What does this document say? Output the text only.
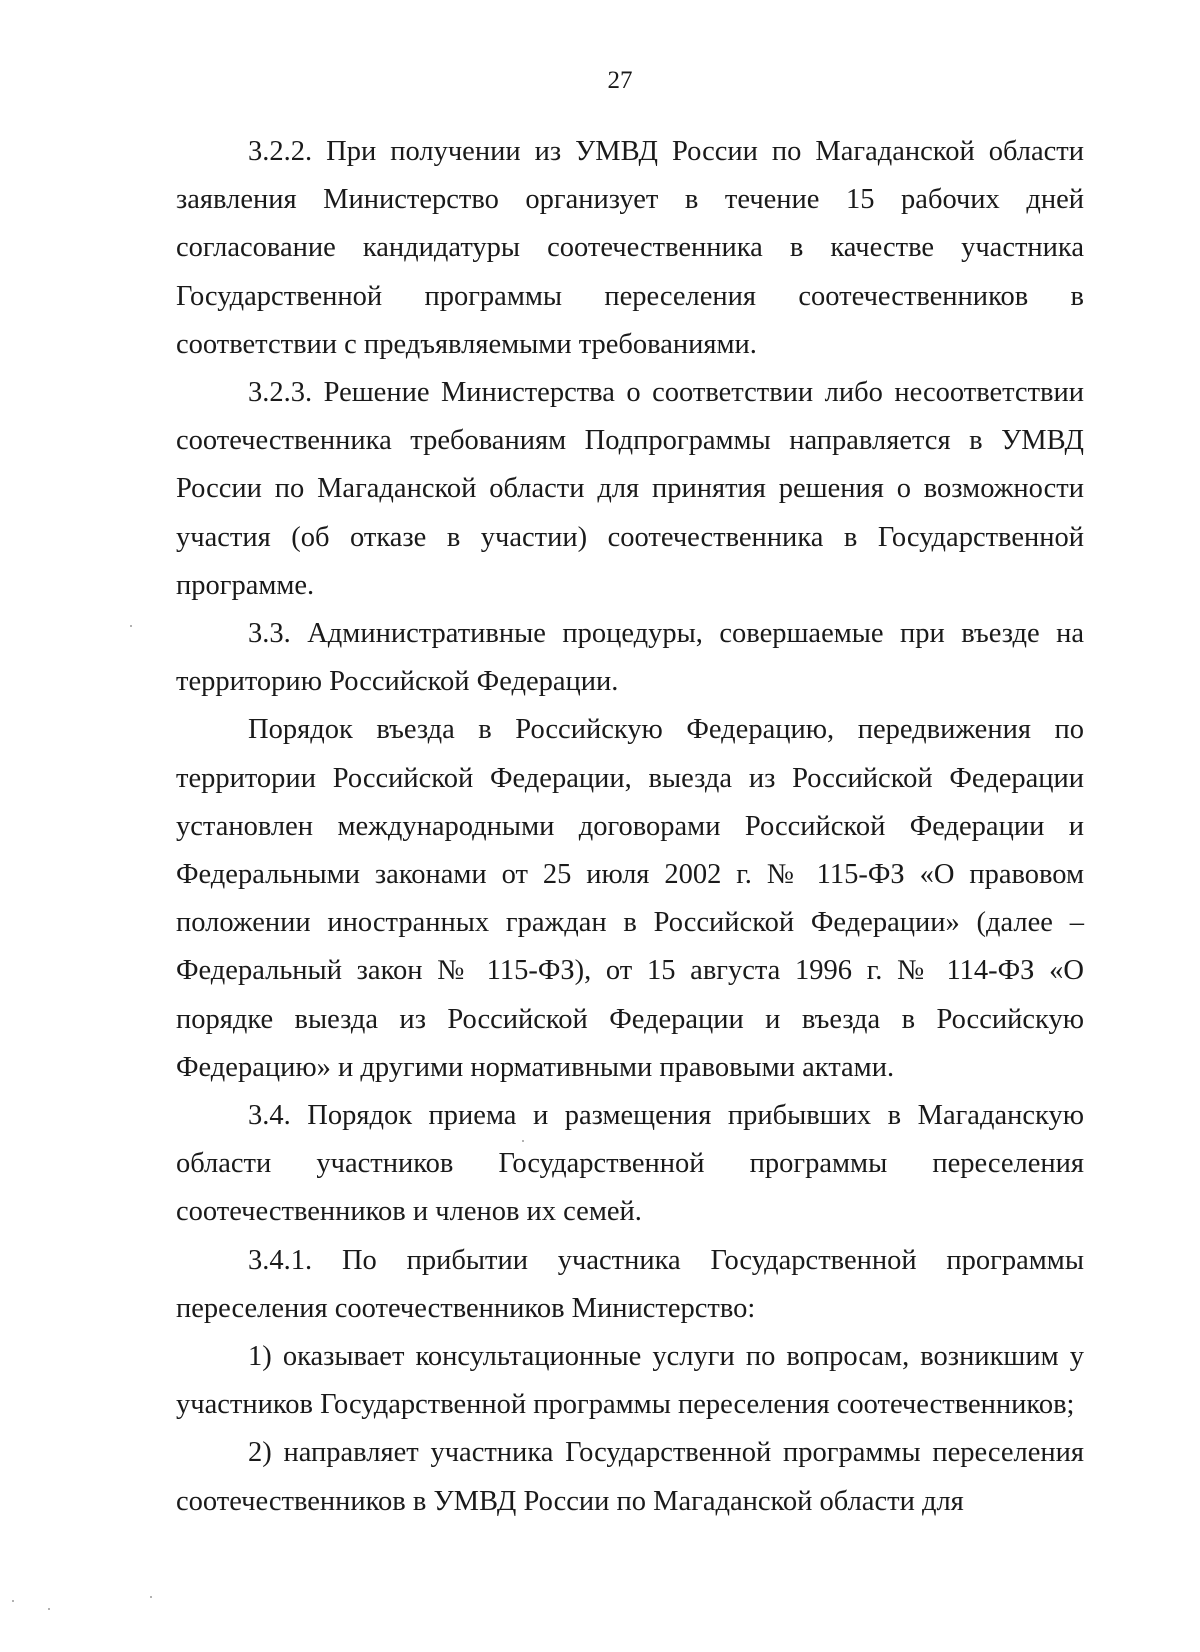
27

3.2.2. При получении из УМВД России по Магаданской области заявления Министерство организует в течение 15 рабочих дней согласование кандидатуры соотечественника в качестве участника Государственной программы переселения соотечественников в соответствии с предъявляемыми требованиями.

3.2.3. Решение Министерства о соответствии либо несоответствии соотечественника требованиям Подпрограммы направляется в УМВД России по Магаданской области для принятия решения о возможности участия (об отказе в участии) соотечественника в Государственной программе.

3.3. Административные процедуры, совершаемые при въезде на территорию Российской Федерации.

Порядок въезда в Российскую Федерацию, передвижения по территории Российской Федерации, выезда из Российской Федерации установлен международными договорами Российской Федерации и Федеральными законами от 25 июля 2002 г. № 115-ФЗ «О правовом положении иностранных граждан в Российской Федерации» (далее – Федеральный закон № 115-ФЗ), от 15 августа 1996 г. № 114-ФЗ «О порядке выезда из Российской Федерации и въезда в Российскую Федерацию» и другими нормативными правовыми актами.

3.4. Порядок приема и размещения прибывших в Магаданскую области участников Государственной программы переселения соотечественников и членов их семей.

3.4.1. По прибытии участника Государственной программы переселения соотечественников Министерство:

1) оказывает консультационные услуги по вопросам, возникшим у участников Государственной программы переселения соотечественников;

2) направляет участника Государственной программы переселения соотечественников в УМВД России по Магаданской области для
